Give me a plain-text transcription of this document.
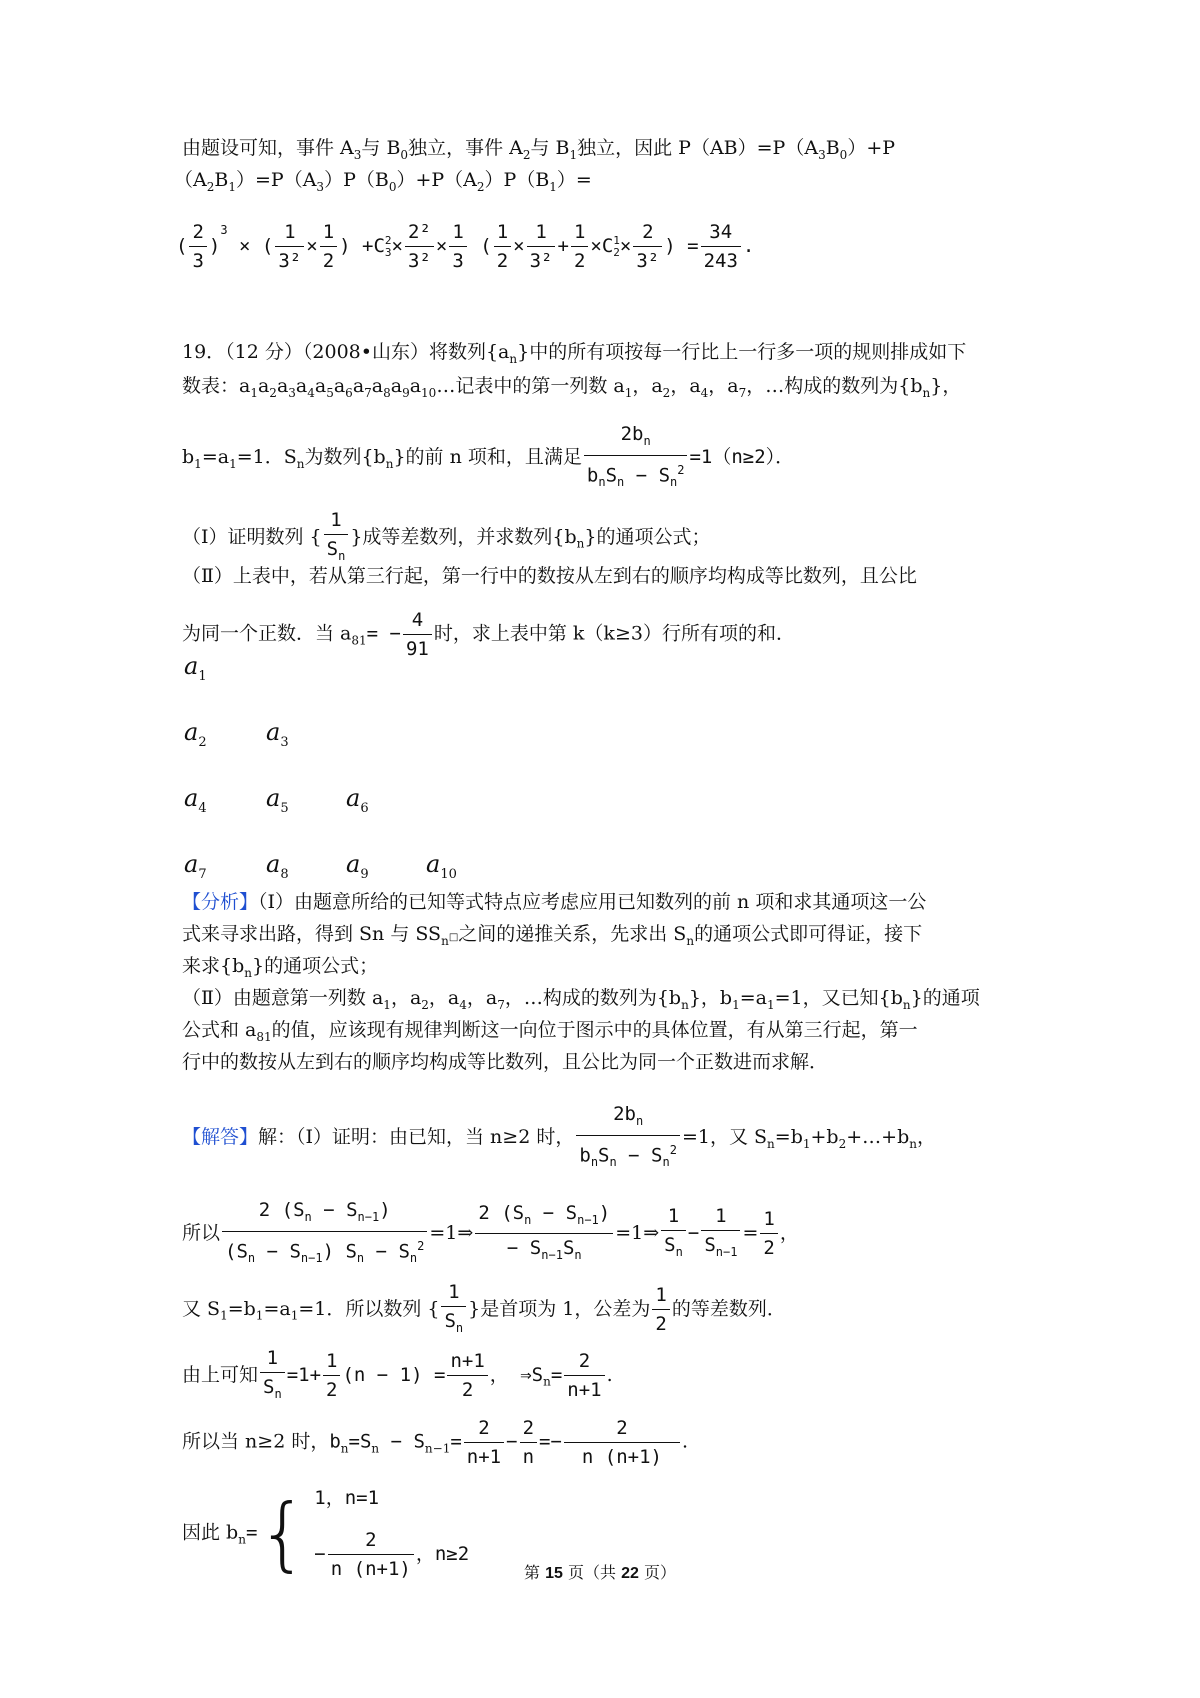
由题设可知，事件 $A_3$与 $B_0$独立，事件 $A_2$与 $B_1$独立，因此 $P(AB)=P(A_3B_0)+P$
$(A_2B_1)=P(A_3)P(B_0)+P(A_2)P(B_1)=$
( $\frac{2}{3} )^3$ × ( $\frac{1}{\text{3²}} \times \frac{1}{2}$ ) +C 2
$3 \times \frac{\text{2²}}{\text{3²}} \times \frac{1}{3}$ ( $\frac{1}{2} \times \frac{1}{\text{3²}} + \frac{1}{2} \times C$ 1
$2 \times \frac{2}{\text{3²}}$ ) = $\frac{34}{243}$ .
19．（12 分）（2008•山东）将数列$\{a_n\}$中的所有项按每一行比上一行多一项的规则排成如下
数表：$a_1a_2a_3a_4a_5a_6a_7a_8a_9a_{10}\dots$记表中的第一列数 $a_1$，$a_2$，$a_4$，$a_7$，…构成的数列为$\{b_n\}$，
$b_1=a_1=1$．$S_n$为数列$\{b_n\}$的前 n 项和，且满足 $\frac{2b_n}{b_nS_n - S_n^2} =1(n\ge 2)$．
（Ⅰ）证明数列 { $\frac{1}{S_n}$ }成等差数列，并求数列$\{b_n\}$的通项公式；
（Ⅱ）上表中，若从第三行起，第一行中的数按从左到右的顺序均构成等比数列，且公比
为同一个正数．当 $a_{81}= - \frac{4}{91}$ 时，求上表中第 k（k≥3）行所有项的和．
$a_1$
$a_2$ $a_3$
$a_4$ $a_5$ $a_6$
$a_7$ $a_8$ $a_9$ $a_{10}$
【分析】（Ⅰ）由题意所给的已知等式特点应考虑应用已知数列的前 n 项和求其通项这一公
式来寻求出路，得到 Sn 与 $SS_n□$之间的递推关系，先求出 $S_n$的通项公式即可得证，接下
来求$\{b_n\}$的通项公式；
（Ⅱ）由题意第一列数 $a_1$，$a_2$，$a_4$，$a_7$，…构成的数列为$\{b_n\}$，$b_1=a_1=1$，又已知$\{b_n\}$的通项
公式和 $a_{81}$的值，应该现有规律判断这一向位于图示中的具体位置，有从第三行起，第一
行中的数按从左到右的顺序均构成等比数列，且公比为同一个正数进而求解．
【解答】解：（Ⅰ）证明：由已知，当 n≥2 时， $\frac{2b_n}{b_nS_n - S_n^2} =1$，又 $S_n=b_1+b_2+\dots+b_n$，
所以 $\frac{2 (S_n - S_{n-1})}{(S_n - S_{n-1}) S_n - S_n^2}$ =1⇒ $\frac{2 (S_n - S_{n-1})}{- S_{n-1}S_n}$ =1⇒ $\frac{1}{S_n} - \frac{1}{S_{n-1}} = \frac{1}{2}$ ，
又 $S_1=b_1=a_1=1$．所以数列 { $\frac{1}{S_n}$ }是首项为 1，公差为 $\frac{1}{2}$ 的等差数列．
由上可知 $\frac{1}{S_n} =1+ \frac{1}{2} (n - 1) = \frac{n+1}{2}$ ， $\Rightarrow S_n= \frac{2}{n+1}$ .
所以当 n≥2 时，$b_n=S_n - S_{n-1}= \frac{2}{n+1} - \frac{2}{n} =- \frac{2}{n (n+1)}$ .
因此 $b_n=${ 1，n=1
− $\frac{2}{n (n+1)}$ ，n≥2
第 15 页（共 22 页）
